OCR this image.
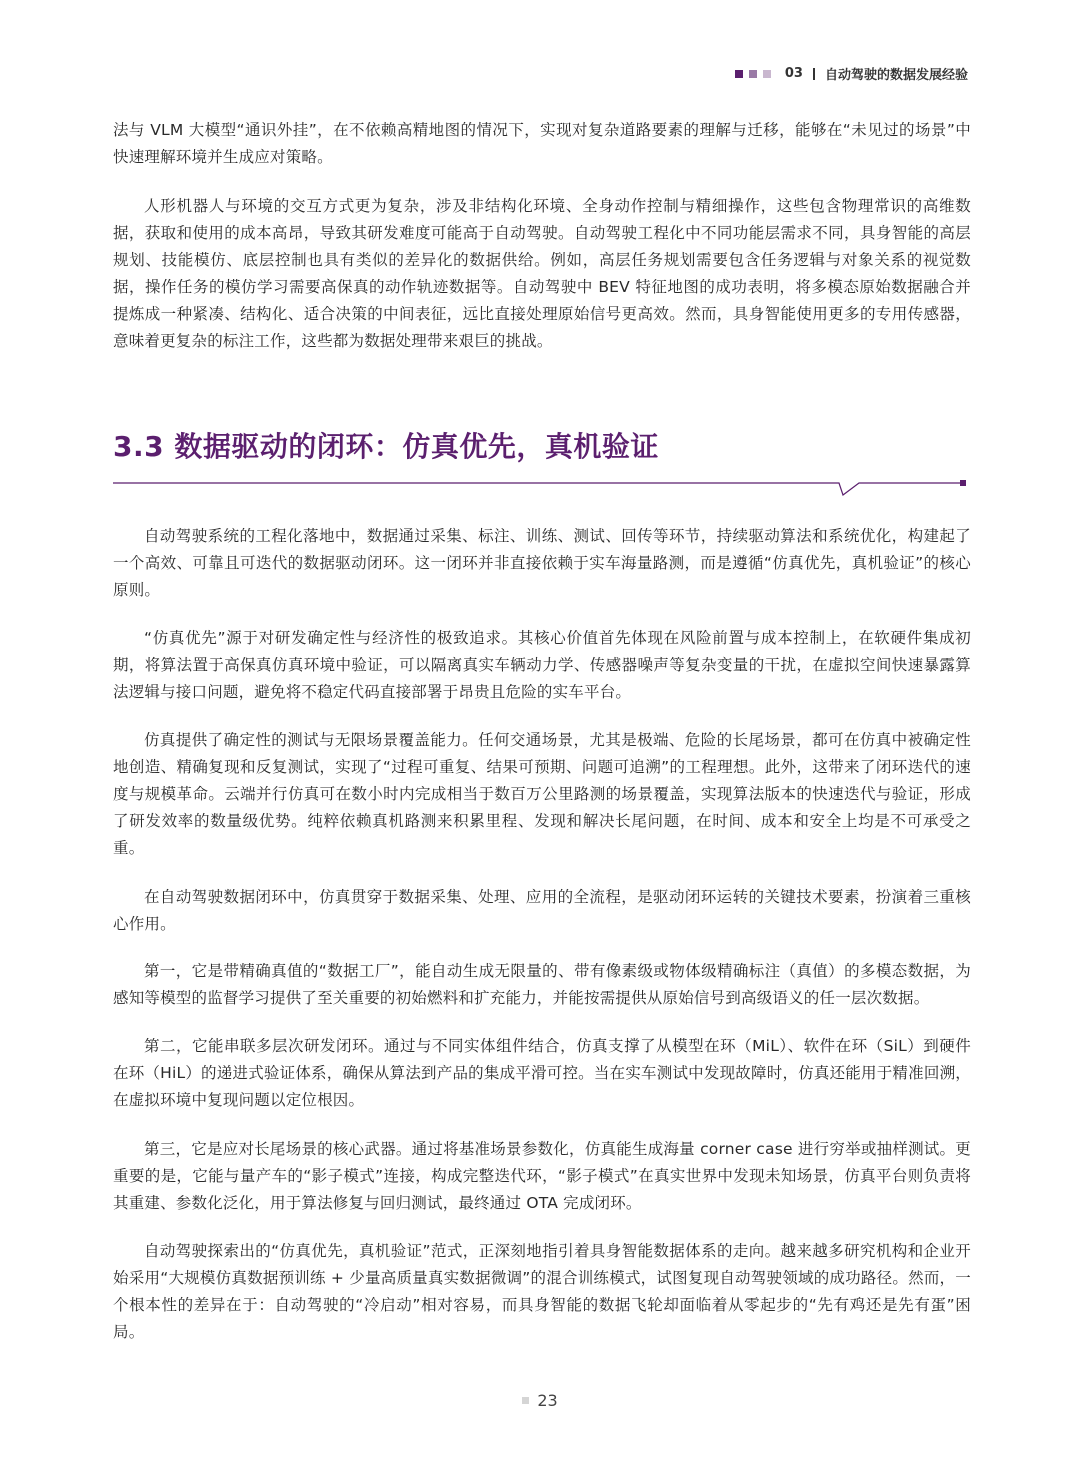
03 自动驾驶的数据发展经验

法与 VLM 大模型“通识外挂”，在不依赖高精地图的情况下，实现对复杂道路要素的理解与迁移，能够在“未见过的场景”中快速理解环境并生成应对策略。

人形机器人与环境的交互方式更为复杂，涉及非结构化环境、全身动作控制与精细操作，这些包含物理常识的高维数据，获取和使用的成本高昂，导致其研发难度可能高于自动驾驶。自动驾驶工程化中不同功能层需求不同，具身智能的高层规划、技能模仿、底层控制也具有类似的差异化的数据供给。例如，高层任务规划需要包含任务逻辑与对象关系的视觉数据，操作任务的模仿学习需要高保真的动作轨迹数据等。自动驾驶中 BEV 特征地图的成功表明，将多模态原始数据融合并提炼成一种紧凑、结构化、适合决策的中间表征，远比直接处理原始信号更高效。然而，具身智能使用更多的专用传感器，意味着更复杂的标注工作，这些都为数据处理带来艰巨的挑战。

3.3 数据驱动的闭环：仿真优先，真机验证

自动驾驶系统的工程化落地中，数据通过采集、标注、训练、测试、回传等环节，持续驱动算法和系统优化，构建起了一个高效、可靠且可迭代的数据驱动闭环。这一闭环并非直接依赖于实车海量路测，而是遵循“仿真优先，真机验证”的核心原则。

“仿真优先”源于对研发确定性与经济性的极致追求。其核心价值首先体现在风险前置与成本控制上，在软硬件集成初期，将算法置于高保真仿真环境中验证，可以隔离真实车辆动力学、传感器噪声等复杂变量的干扰，在虚拟空间快速暴露算法逻辑与接口问题，避免将不稳定代码直接部署于昂贵且危险的实车平台。

仿真提供了确定性的测试与无限场景覆盖能力。任何交通场景，尤其是极端、危险的长尾场景，都可在仿真中被确定性地创造、精确复现和反复测试，实现了“过程可重复、结果可预期、问题可追溯”的工程理想。此外，这带来了闭环迭代的速度与规模革命。云端并行仿真可在数小时内完成相当于数百万公里路测的场景覆盖，实现算法版本的快速迭代与验证，形成了研发效率的数量级优势。纯粹依赖真机路测来积累里程、发现和解决长尾问题，在时间、成本和安全上均是不可承受之重。

在自动驾驶数据闭环中，仿真贯穿于数据采集、处理、应用的全流程，是驱动闭环运转的关键技术要素，扮演着三重核心作用。

第一，它是带精确真值的“数据工厂”，能自动生成无限量的、带有像素级或物体级精确标注（真值）的多模态数据，为感知等模型的监督学习提供了至关重要的初始燃料和扩充能力，并能按需提供从原始信号到高级语义的任一层次数据。

第二，它能串联多层次研发闭环。通过与不同实体组件结合，仿真支撑了从模型在环（MiL）、软件在环（SiL）到硬件在环（HiL）的递进式验证体系，确保从算法到产品的集成平滑可控。当在实车测试中发现故障时，仿真还能用于精准回溯，在虚拟环境中复现问题以定位根因。

第三，它是应对长尾场景的核心武器。通过将基准场景参数化，仿真能生成海量 corner case 进行穷举或抽样测试。更重要的是，它能与量产车的“影子模式”连接，构成完整迭代环，“影子模式”在真实世界中发现未知场景，仿真平台则负责将其重建、参数化泛化，用于算法修复与回归测试，最终通过 OTA 完成闭环。

自动驾驶探索出的“仿真优先，真机验证”范式，正深刻地指引着具身智能数据体系的走向。越来越多研究机构和企业开始采用“大规模仿真数据预训练 + 少量高质量真实数据微调”的混合训练模式，试图复现自动驾驶领域的成功路径。然而，一个根本性的差异在于：自动驾驶的“冷启动”相对容易，而具身智能的数据飞轮却面临着从零起步的“先有鸡还是先有蛋”困局。

23
